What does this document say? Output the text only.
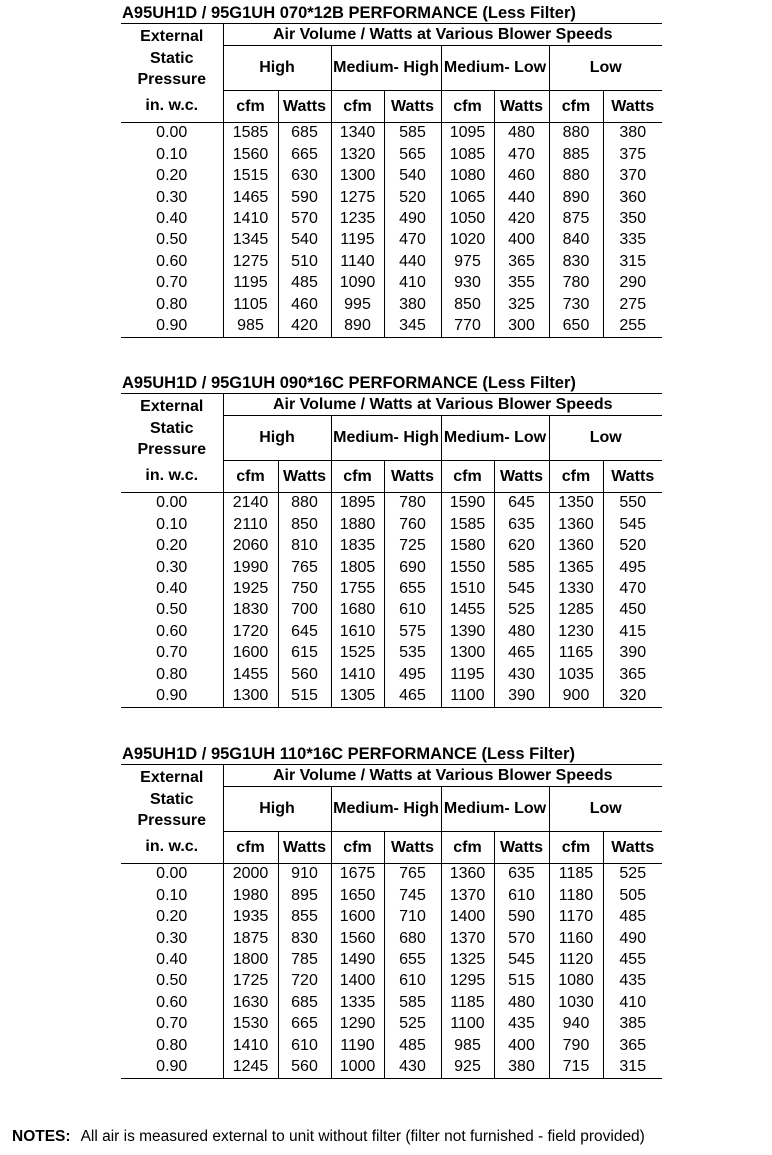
A95UH1D / 95G1UH 070*12B PERFORMANCE (Less Filter)
External
Static Pressure	Air Volume / Watts at Various Blower Speeds							
	High		Medium- High		Medium- Low		Low	
in. w.c.	cfm	Watts	cfm	Watts	cfm	Watts	cfm	Watts
0.00	1585	685	1340	585	1095	480	880	380
0.10	1560	665	1320	565	1085	470	885	375
0.20	1515	630	1300	540	1080	460	880	370
0.30	1465	590	1275	520	1065	440	890	360
0.40	1410	570	1235	490	1050	420	875	350
0.50	1345	540	1195	470	1020	400	840	335
0.60	1275	510	1140	440	975	365	830	315
0.70	1195	485	1090	410	930	355	780	290
0.80	1105	460	995	380	850	325	730	275
0.90	985	420	890	345	770	300	650	255
A95UH1D / 95G1UH 090*16C PERFORMANCE (Less Filter)
External
Static Pressure	Air Volume / Watts at Various Blower Speeds							
	High		Medium- High		Medium- Low		Low	
in. w.c.	cfm	Watts	cfm	Watts	cfm	Watts	cfm	Watts
0.00	2140	880	1895	780	1590	645	1350	550
0.10	2110	850	1880	760	1585	635	1360	545
0.20	2060	810	1835	725	1580	620	1360	520
0.30	1990	765	1805	690	1550	585	1365	495
0.40	1925	750	1755	655	1510	545	1330	470
0.50	1830	700	1680	610	1455	525	1285	450
0.60	1720	645	1610	575	1390	480	1230	415
0.70	1600	615	1525	535	1300	465	1165	390
0.80	1455	560	1410	495	1195	430	1035	365
0.90	1300	515	1305	465	1100	390	900	320
A95UH1D / 95G1UH 110*16C PERFORMANCE (Less Filter)
External
Static Pressure	Air Volume / Watts at Various Blower Speeds							
	High		Medium- High		Medium- Low		Low	
in. w.c.	cfm	Watts	cfm	Watts	cfm	Watts	cfm	Watts
0.00	2000	910	1675	765	1360	635	1185	525
0.10	1980	895	1650	745	1370	610	1180	505
0.20	1935	855	1600	710	1400	590	1170	485
0.30	1875	830	1560	680	1370	570	1160	490
0.40	1800	785	1490	655	1325	545	1120	455
0.50	1725	720	1400	610	1295	515	1080	435
0.60	1630	685	1335	585	1185	480	1030	410
0.70	1530	665	1290	525	1100	435	940	385
0.80	1410	610	1190	485	985	400	790	365
0.90	1245	560	1000	430	925	380	715	315
NOTES: All air is measured external to unit without filter (filter not furnished - field provided)
